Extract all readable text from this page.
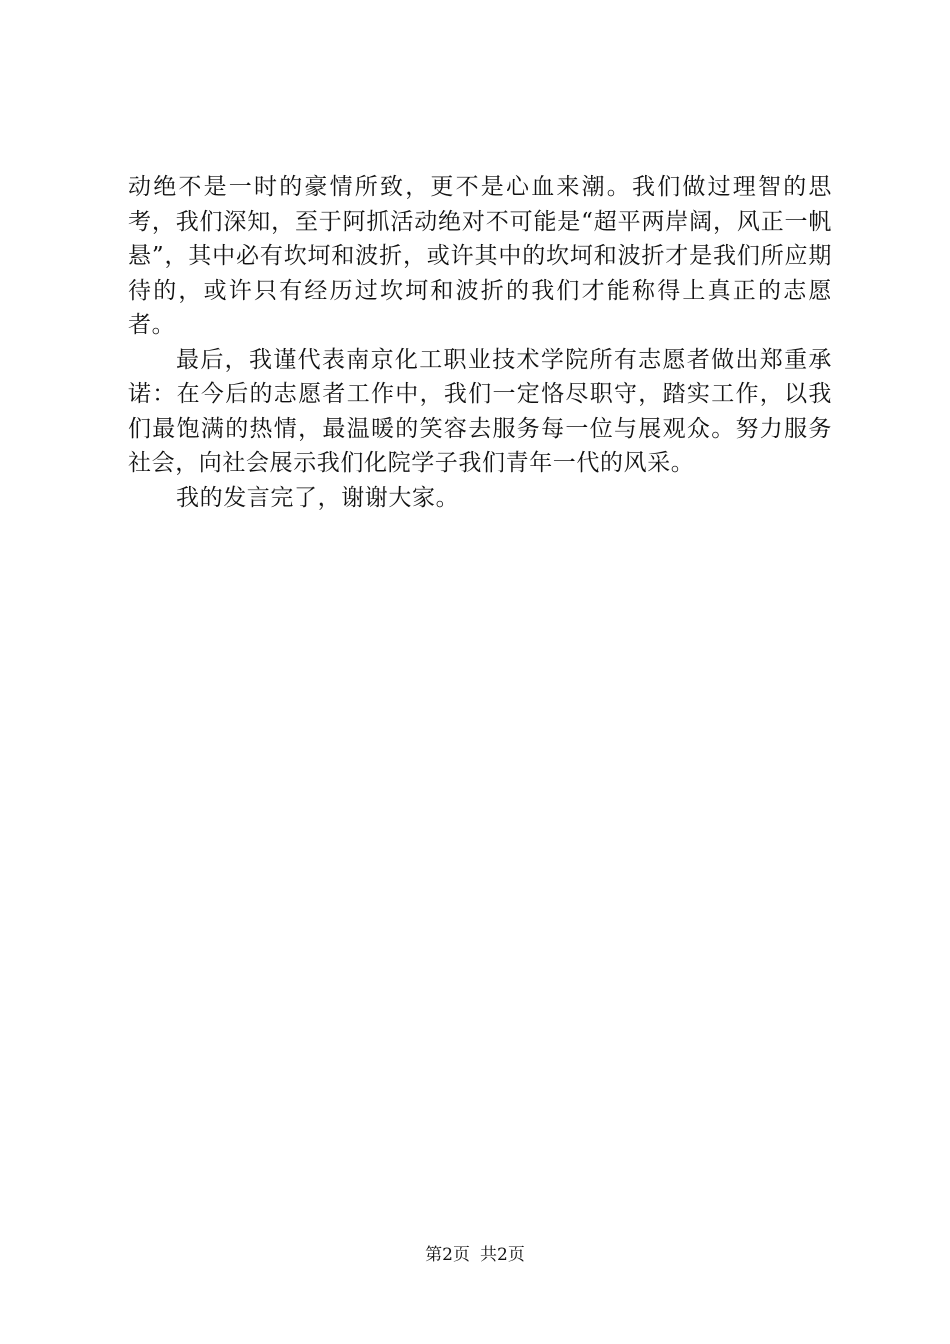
动绝不是一时的豪情所致，更不是心血来潮。我们做过理智的思考，我们深知，至于阿抓活动绝对不可能是“超平两岸阔，风正一帆悬”，其中必有坎坷和波折，或许其中的坎坷和波折才是我们所应期待的，或许只有经历过坎坷和波折的我们才能称得上真正的志愿者。

最后，我谨代表南京化工职业技术学院所有志愿者做出郑重承诺：在今后的志愿者工作中，我们一定恪尽职守，踏实工作，以我们最饱满的热情，最温暖的笑容去服务每一位与展观众。努力服务社会，向社会展示我们化院学子我们青年一代的风采。

我的发言完了，谢谢大家。

第2页 共2页
